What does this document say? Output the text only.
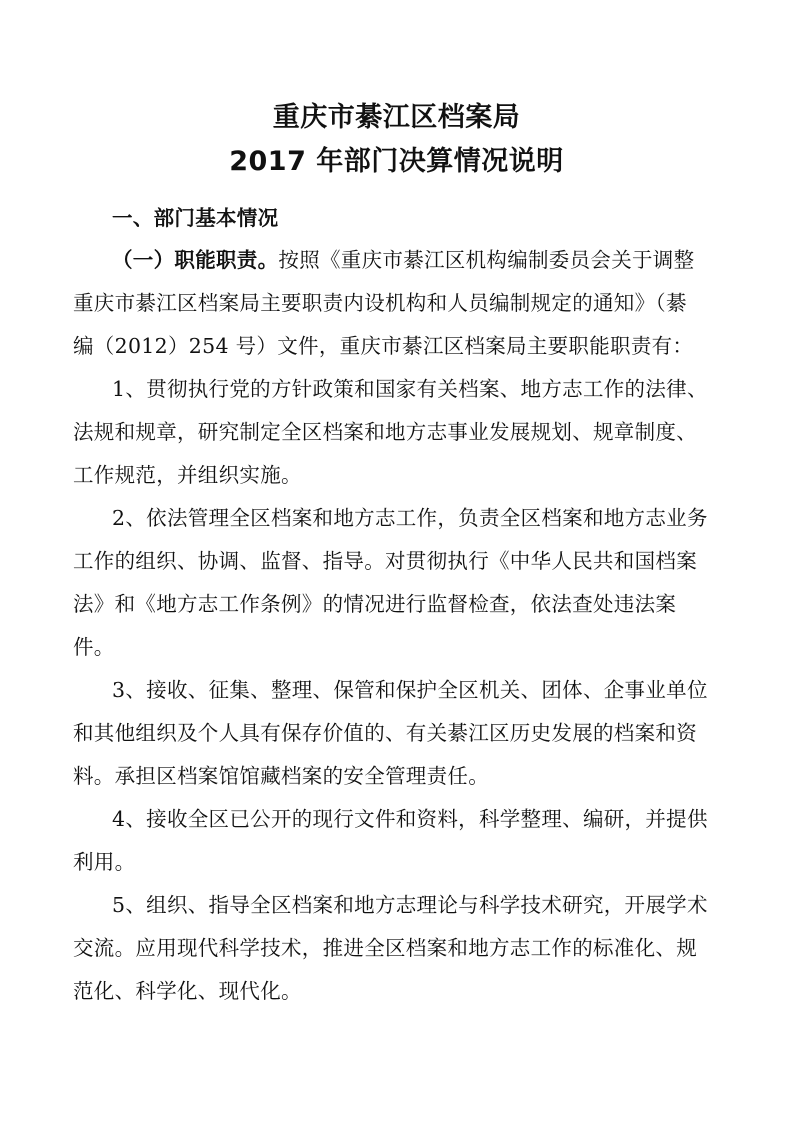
重庆市綦江区档案局
2017 年部门决算情况说明
一、部门基本情况
（一）职能职责。按照《重庆市綦江区机构编制委员会关于调整
重庆市綦江区档案局主要职责内设机构和人员编制规定的通知》（綦
编（2012）254 号）文件，重庆市綦江区档案局主要职能职责有：
1、贯彻执行党的方针政策和国家有关档案、地方志工作的法律、
法规和规章，研究制定全区档案和地方志事业发展规划、规章制度、
工作规范，并组织实施。
2、依法管理全区档案和地方志工作，负责全区档案和地方志业务
工作的组织、协调、监督、指导。对贯彻执行《中华人民共和国档案
法》和《地方志工作条例》的情况进行监督检查，依法查处违法案
件。
3、接收、征集、整理、保管和保护全区机关、团体、企事业单位
和其他组织及个人具有保存价值的、有关綦江区历史发展的档案和资
料。承担区档案馆馆藏档案的安全管理责任。
4、接收全区已公开的现行文件和资料，科学整理、编研，并提供
利用。
5、组织、指导全区档案和地方志理论与科学技术研究，开展学术
交流。应用现代科学技术，推进全区档案和地方志工作的标准化、规
范化、科学化、现代化。
